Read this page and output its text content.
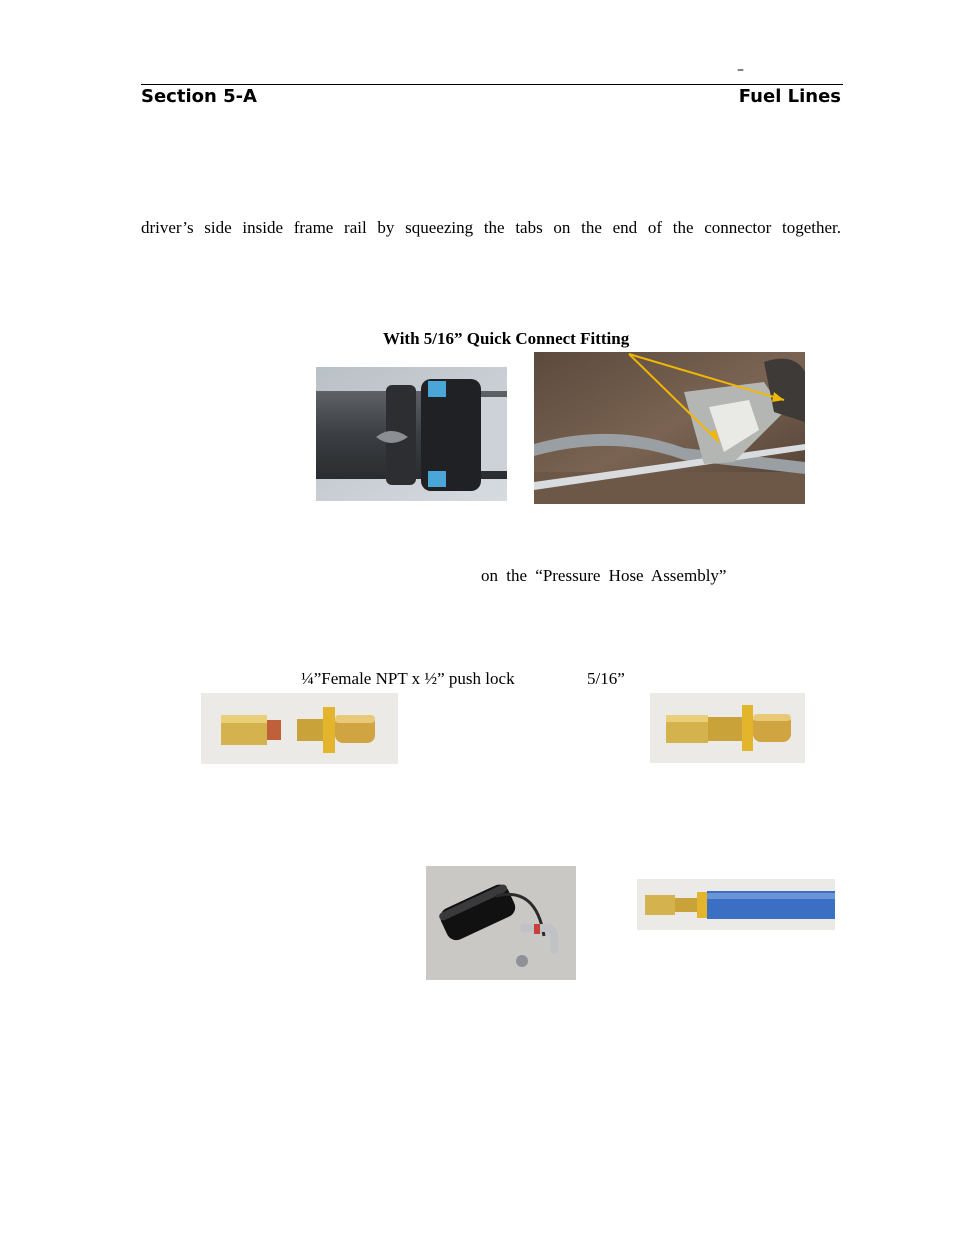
–
Section 5-A	Fuel Lines
driver’s side inside frame rail by squeezing the tabs on the end of the connector together.
With 5/16” Quick Connect Fitting
on the “Pressure Hose Assembly”
¼”Female NPT x ½” push lock	5/16”
